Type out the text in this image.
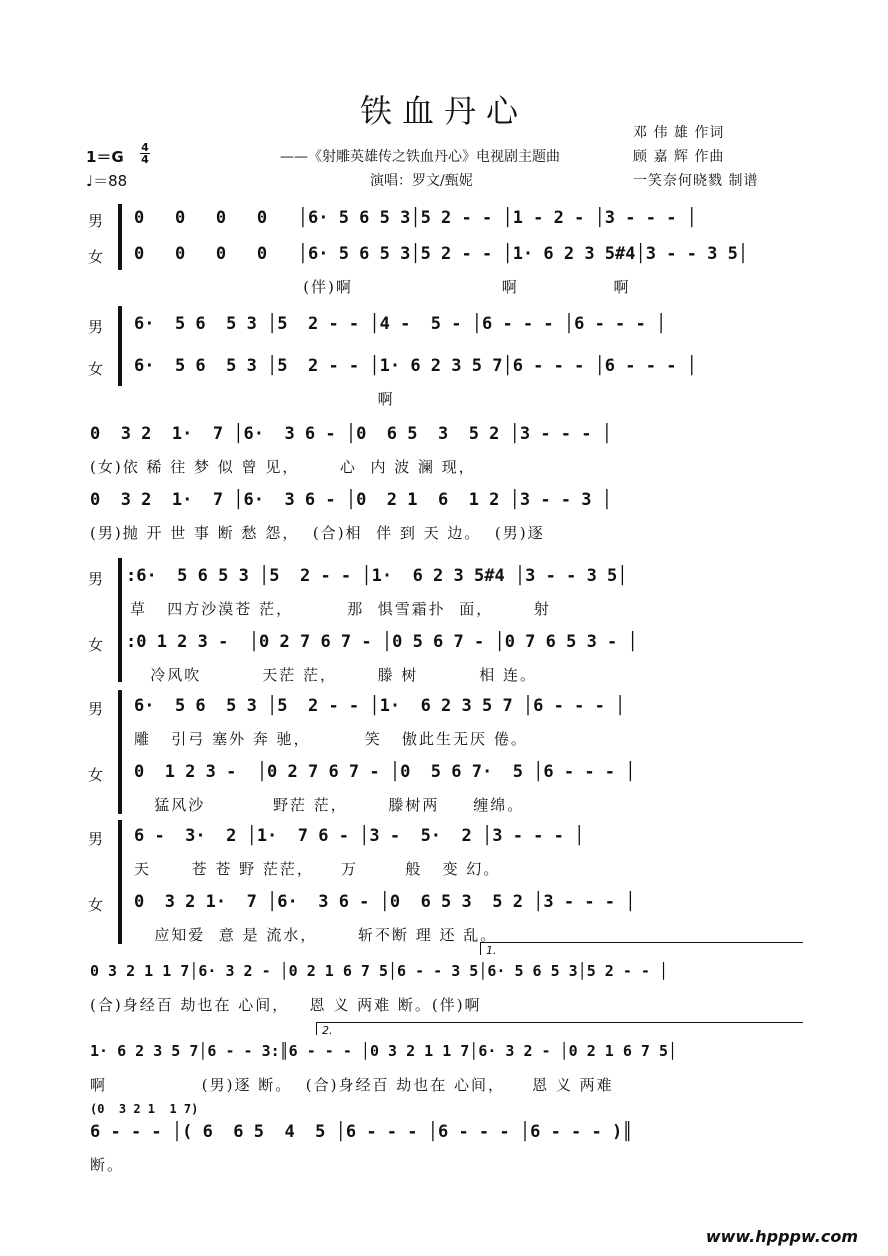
铁血丹心
——《射雕英雄传之铁血丹心》电视剧主题曲
演唱：罗文/甄妮
邓 伟 雄 作词
顾 嘉 辉 作曲
一笑奈何晓戮 制谱
1＝G
4
4
♩＝88
男 0   0   0   0   │6· 5 6 5 3│5 2 - - │1 - 2 - │3 - - - │
女 0   0   0   0   │6· 5 6 5 3│5 2 - - │1· 6 2 3 5#4│3 - - 3 5│
(伴)啊                      啊              啊
男 6·  5 6  5 3 │5  2 - - │4 -  5 - │6 - - - │6 - - - │
女 6·  5 6  5 3 │5  2 - - │1· 6 2 3 5 7│6 - - - │6 - - - │
啊
0  3 2  1·  7 │6·  3 6 - │0  6 5  3  5 2 │3 - - - │
(女)依 稀 往 梦 似 曾 见，      心  内 波 澜 现，
0  3 2  1·  7 │6·  3 6 - │0  2 1  6  1 2 │3 - - 3 │
(男)抛 开 世 事 断 愁 怨，  (合)相  伴 到 天 边。  (男)逐
男 :6·  5 6 5 3 │5  2 - - │1·  6 2 3 5#4 │3 - - 3 5│
草   四方沙漠苍 茫，        那  惧雪霜扑  面，      射
女 :0 1 2 3 -  │0 2 7 6 7 - │0 5 6 7 - │0 7 6 5 3 - │
冷风吹         天茫 茫，      滕 树         相 连。
男 6·  5 6  5 3 │5  2 - - │1·  6 2 3 5 7 │6 - - - │
雕   引弓 塞外 奔 驰，        笑   傲此生无厌 倦。
女 0  1 2 3 -  │0 2 7 6 7 - │0  5 6 7·  5 │6 - - - │
猛风沙          野茫 茫，      滕树两     缠绵。
男 6 -  3·  2 │1·  7 6 - │3 -  5·  2 │3 - - - │
天      苍 苍 野 茫茫，    万       般   变 幻。
女 0  3 2 1·  7 │6·  3 6 - │0  6 5 3  5 2 │3 - - - │
应知爱  意 是 流水，      斩不断 理 还 乱。
1.
0 3 2 1 1 7│6· 3 2 - │0 2 1 6 7 5│6 - - 3 5│6· 5 6 5 3│5 2 - - │
(合)身经百 劫也在 心间，   恩 义 两难 断。(伴)啊
2.
1· 6 2 3 5 7│6 - - 3:║6 - - - │0 3 2 1 1 7│6· 3 2 - │0 2 1 6 7 5│
啊              (男)逐 断。  (合)身经百 劫也在 心间，    恩 义 两难
(0  3 2 1  1 7)
6 - - - │( 6  6 5  4  5 │6 - - - │6 - - - │6 - - - )║
断。
www.hpppw.com
